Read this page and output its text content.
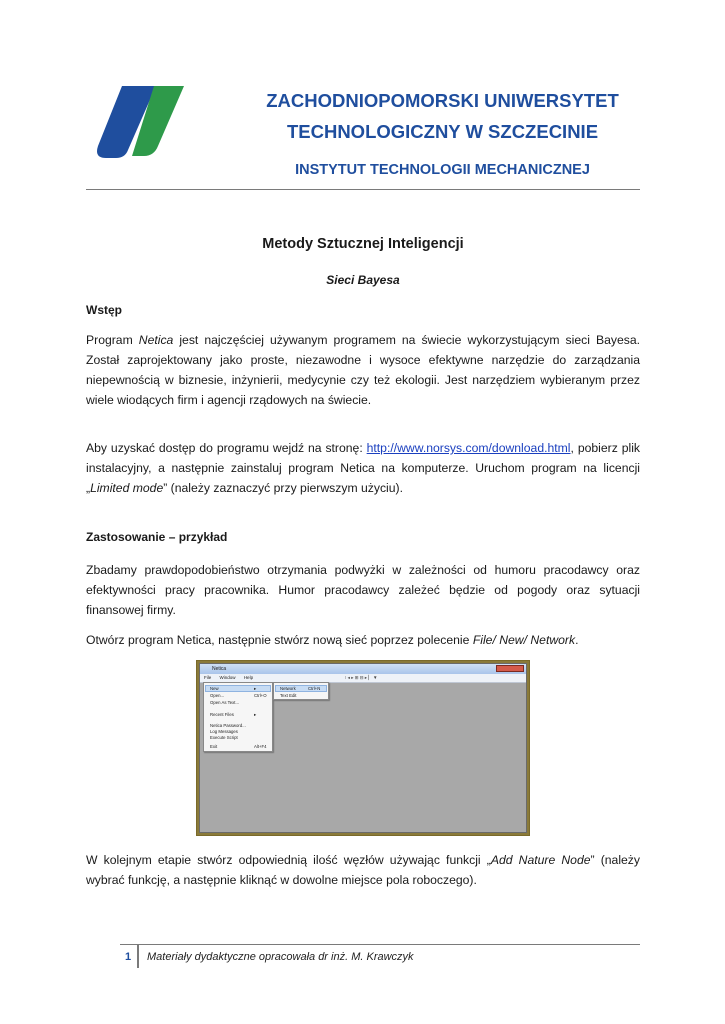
ZACHODNIOPOMORSKI UNIWERSYTET
TECHNOLOGICZNY W SZCZECINIE
INSTYTUT TECHNOLOGII MECHANICZNEJ
Metody Sztucznej Inteligencji
Sieci Bayesa
Wstęp
Program Netica jest najczęściej używanym programem na świecie wykorzystującym sieci Bayesa. Został zaprojektowany jako proste, niezawodne i wysoce efektywne narzędzie do zarządzania niepewnością w biznesie, inżynierii, medycynie czy też ekologii. Jest narzędziem wybieranym przez wiele wiodących firm i agencji rządowych na świecie.
Aby uzyskać dostęp do programu wejdź na stronę: http://www.norsys.com/download.html, pobierz plik instalacyjny, a następnie zainstaluj program Netica na komputerze. Uruchom program na licencji „Limited mode” (należy zaznaczyć przy pierwszym użyciu).
Zastosowanie – przykład
Zbadamy prawdopodobieństwo otrzymania podwyżki w zależności od humoru pracodawcy oraz efektywności pracy pracownika. Humor pracodawcy zależeć będzie od pogody oraz sytuacji finansowej firmy.
Otwórz program Netica, następnie stwórz nową sieć poprzez polecenie File/ New/ Network.
Netica
File Window Help	⁝ ◂ ▸ ⊞ ⊟ ▸ ▏ ▼
New	▸
Open...	Ctrl+O
Open As Text...
Recent Files	▸
Netica Password...
Log Messages
Execute Script
Exit	Alt+F4
Network	Ctrl+N
Text Edit
W kolejnym etapie stwórz odpowiednią ilość węzłów używając funkcji „Add Nature Node” (należy wybrać funkcję, a następnie kliknąć w dowolne miejsce pola roboczego).
1 Materiały dydaktyczne opracowała dr inż. M. Krawczyk
